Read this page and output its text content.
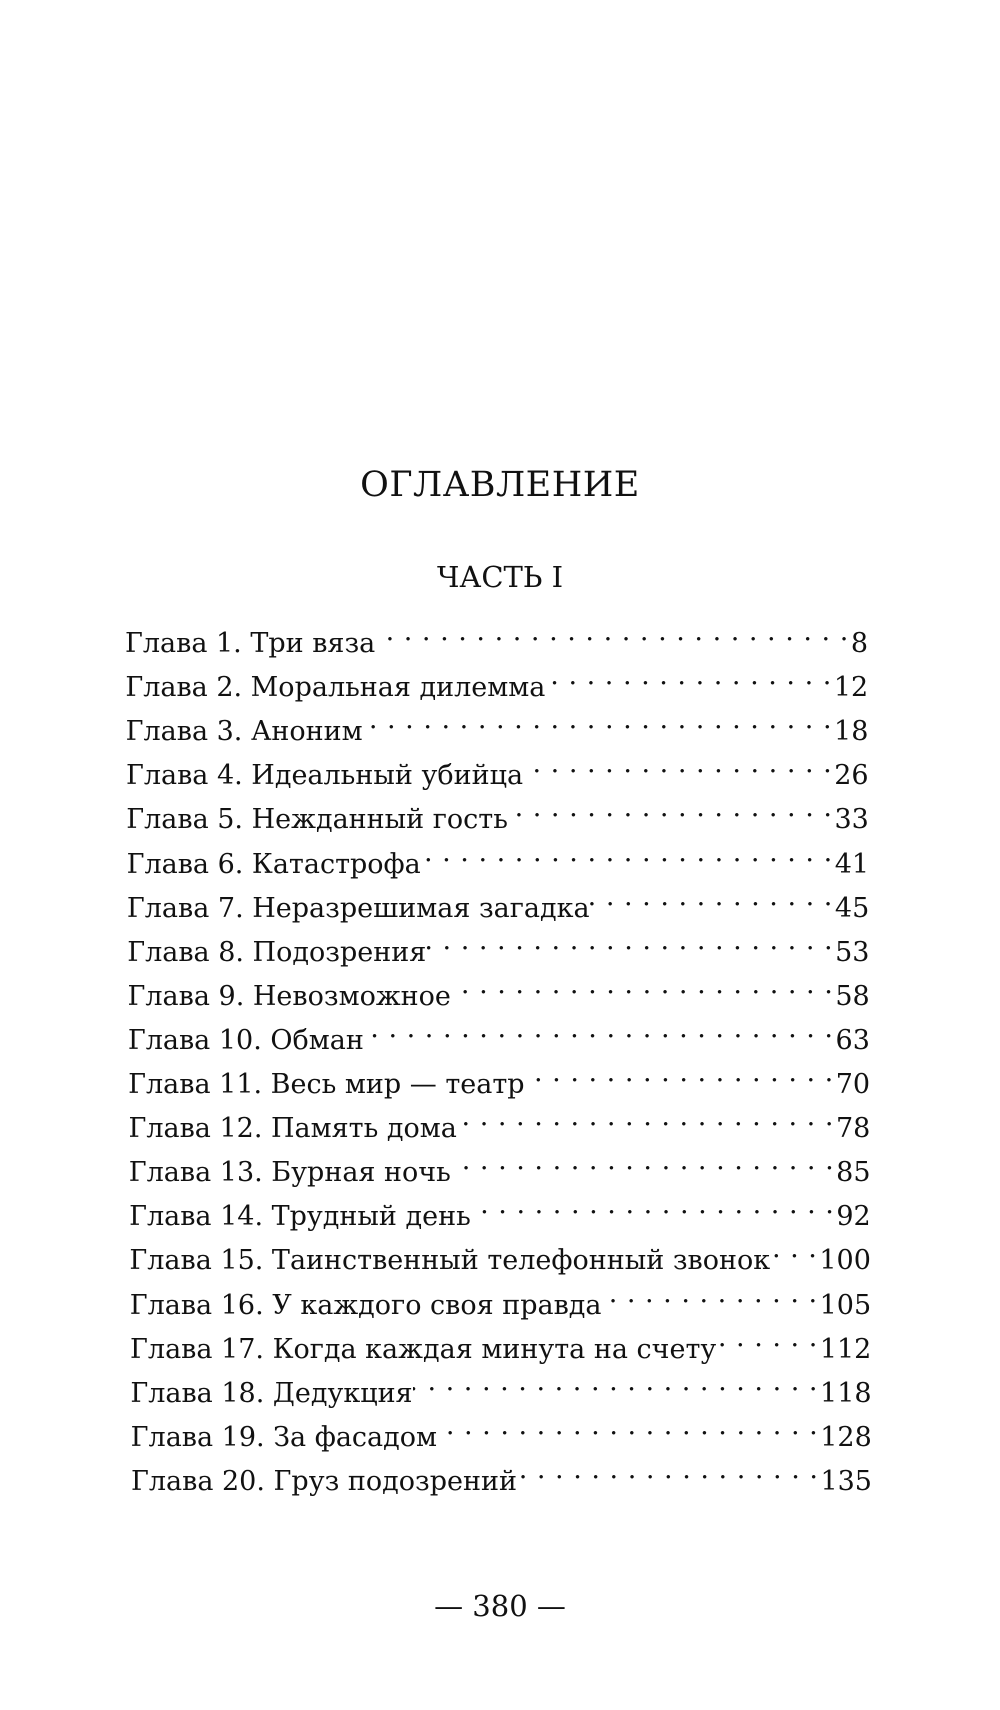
ОГЛАВЛЕНИЕ
ЧАСТЬ I
Глава 1. Три вяза . . .	8
Глава 2. Моральная дилемма . . .	12
Глава 3. Аноним . . .	18
Глава 4. Идеальный убийца . . .	26
Глава 5. Нежданный гость . . .	33
Глава 6. Катастрофа . . .	41
Глава 7. Неразрешимая загадка . . .	45
Глава 8. Подозрения . . .	53
Глава 9. Невозможное . . .	58
Глава 10. Обман . . .	63
Глава 11. Весь мир — театр . . .	70
Глава 12. Память дома . . .	78
Глава 13. Бурная ночь . . .	85
Глава 14. Трудный день . . .	92
Глава 15. Таинственный телефонный звонок . . . 100
Глава 16. У каждого своя правда . . .	105
Глава 17. Когда каждая минута на счету . . .	112
Глава 18. Дедукция . . .	118
Глава 19. За фасадом . . .	128
Глава 20. Груз подозрений . . .	135
— 380 —
